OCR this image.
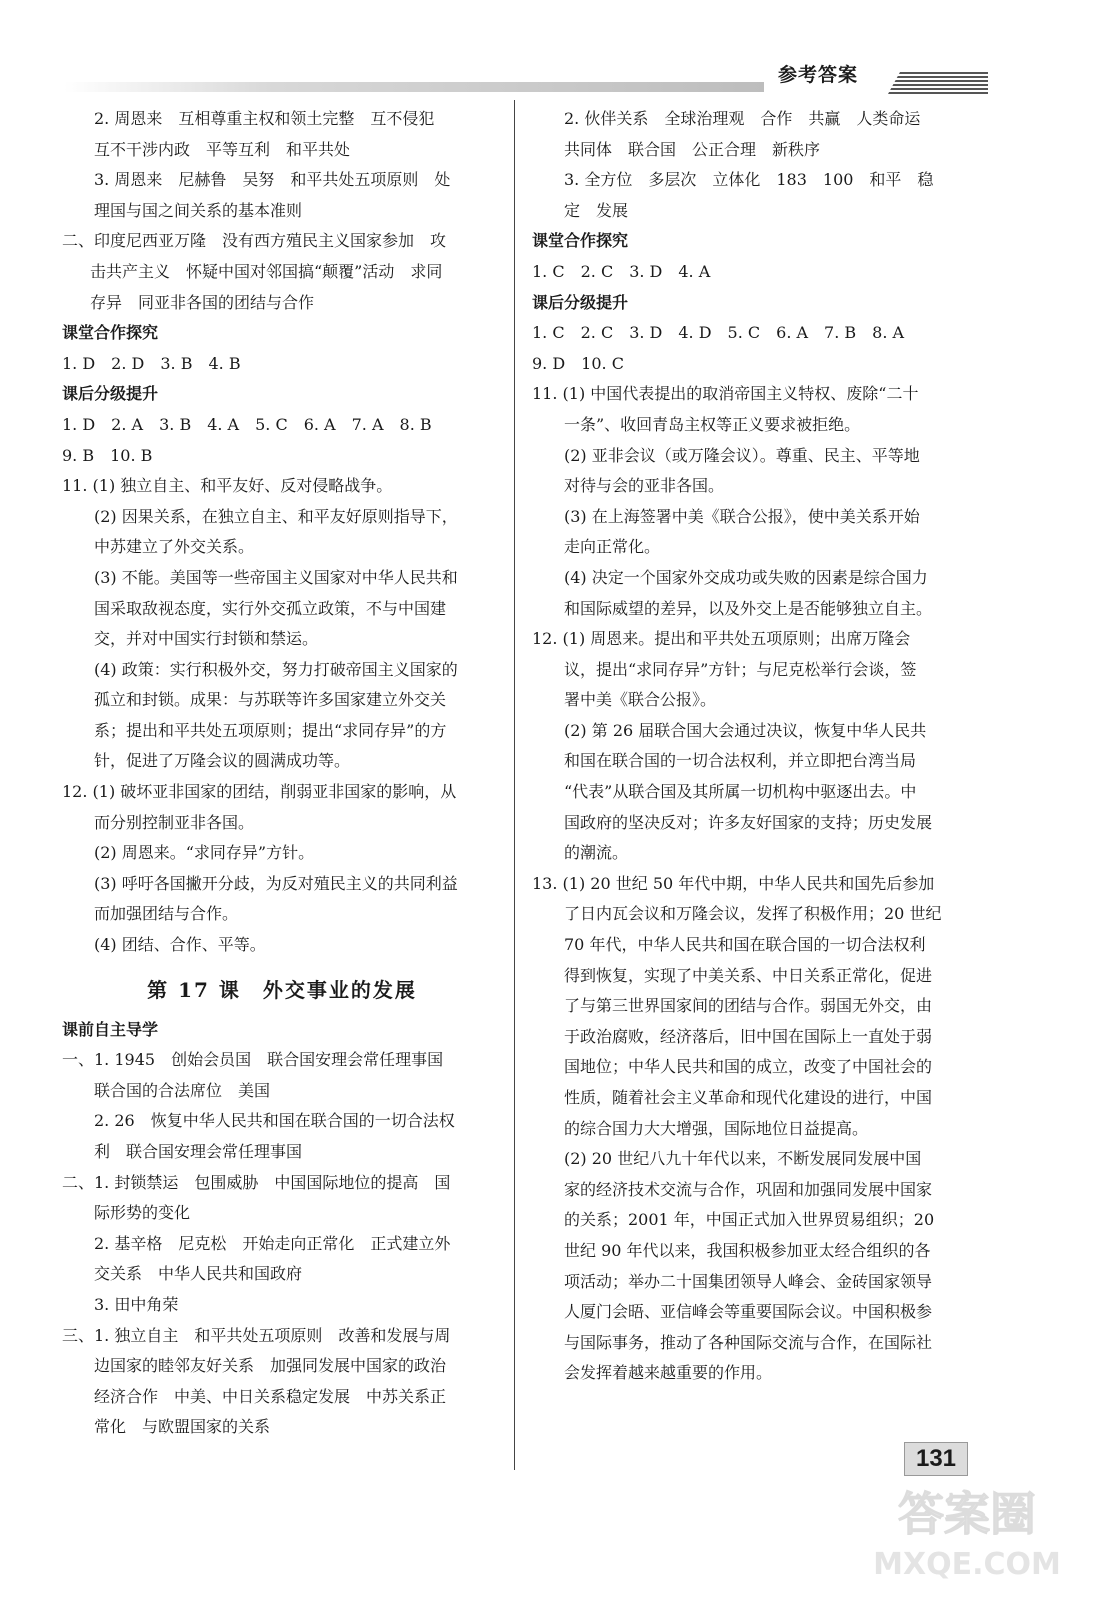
参考答案
2. 周恩来　互相尊重主权和领土完整　互不侵犯
互不干涉内政　平等互利　和平共处
3. 周恩来　尼赫鲁　吴努　和平共处五项原则　处
理国与国之间关系的基本准则
二、印度尼西亚万隆　没有西方殖民主义国家参加　攻
击共产主义　怀疑中国对邻国搞“颠覆”活动　求同
存异　同亚非各国的团结与合作
课堂合作探究
1. D　2. D　3. B　4. B
课后分级提升
1. D　2. A　3. B　4. A　5. C　6. A　7. A　8. B
9. B　10. B
11. (1) 独立自主、和平友好、反对侵略战争。
(2) 因果关系，在独立自主、和平友好原则指导下，
中苏建立了外交关系。
(3) 不能。美国等一些帝国主义国家对中华人民共和
国采取敌视态度，实行外交孤立政策，不与中国建
交，并对中国实行封锁和禁运。
(4) 政策：实行积极外交，努力打破帝国主义国家的
孤立和封锁。成果：与苏联等许多国家建立外交关
系；提出和平共处五项原则；提出“求同存异”的方
针，促进了万隆会议的圆满成功等。
12. (1) 破坏亚非国家的团结，削弱亚非国家的影响，从
而分别控制亚非各国。
(2) 周恩来。“求同存异”方针。
(3) 呼吁各国撇开分歧，为反对殖民主义的共同利益
而加强团结与合作。
(4) 团结、合作、平等。
第 17 课　外交事业的发展
课前自主导学
一、1. 1945　创始会员国　联合国安理会常任理事国
联合国的合法席位　美国
2. 26　恢复中华人民共和国在联合国的一切合法权
利　联合国安理会常任理事国
二、1. 封锁禁运　包围威胁　中国国际地位的提高　国
际形势的变化
2. 基辛格　尼克松　开始走向正常化　正式建立外
交关系　中华人民共和国政府
3. 田中角荣
三、1. 独立自主　和平共处五项原则　改善和发展与周
边国家的睦邻友好关系　加强同发展中国家的政治
经济合作　中美、中日关系稳定发展　中苏关系正
常化　与欧盟国家的关系
2. 伙伴关系　全球治理观　合作　共赢　人类命运
共同体　联合国　公正合理　新秩序
3. 全方位　多层次　立体化　183　100　和平　稳
定　发展
课堂合作探究
1. C　2. C　3. D　4. A
课后分级提升
1. C　2. C　3. D　4. D　5. C　6. A　7. B　8. A
9. D　10. C
11. (1) 中国代表提出的取消帝国主义特权、废除“二十
一条”、收回青岛主权等正义要求被拒绝。
(2) 亚非会议（或万隆会议）。尊重、民主、平等地
对待与会的亚非各国。
(3) 在上海签署中美《联合公报》，使中美关系开始
走向正常化。
(4) 决定一个国家外交成功或失败的因素是综合国力
和国际威望的差异，以及外交上是否能够独立自主。
12. (1) 周恩来。提出和平共处五项原则；出席万隆会
议，提出“求同存异”方针；与尼克松举行会谈，签
署中美《联合公报》。
(2) 第 26 届联合国大会通过决议，恢复中华人民共
和国在联合国的一切合法权利，并立即把台湾当局
“代表”从联合国及其所属一切机构中驱逐出去。中
国政府的坚决反对；许多友好国家的支持；历史发展
的潮流。
13. (1) 20 世纪 50 年代中期，中华人民共和国先后参加
了日内瓦会议和万隆会议，发挥了积极作用；20 世纪
70 年代，中华人民共和国在联合国的一切合法权利
得到恢复，实现了中美关系、中日关系正常化，促进
了与第三世界国家间的团结与合作。弱国无外交，由
于政治腐败，经济落后，旧中国在国际上一直处于弱
国地位；中华人民共和国的成立，改变了中国社会的
性质，随着社会主义革命和现代化建设的进行，中国
的综合国力大大增强，国际地位日益提高。
(2) 20 世纪八九十年代以来，不断发展同发展中国
家的经济技术交流与合作，巩固和加强同发展中国家
的关系；2001 年，中国正式加入世界贸易组织；20
世纪 90 年代以来，我国积极参加亚太经合组织的各
项活动；举办二十国集团领导人峰会、金砖国家领导
人厦门会晤、亚信峰会等重要国际会议。中国积极参
与国际事务，推动了各种国际交流与合作，在国际社
会发挥着越来越重要的作用。
131
答案圈
MXQE.COM
